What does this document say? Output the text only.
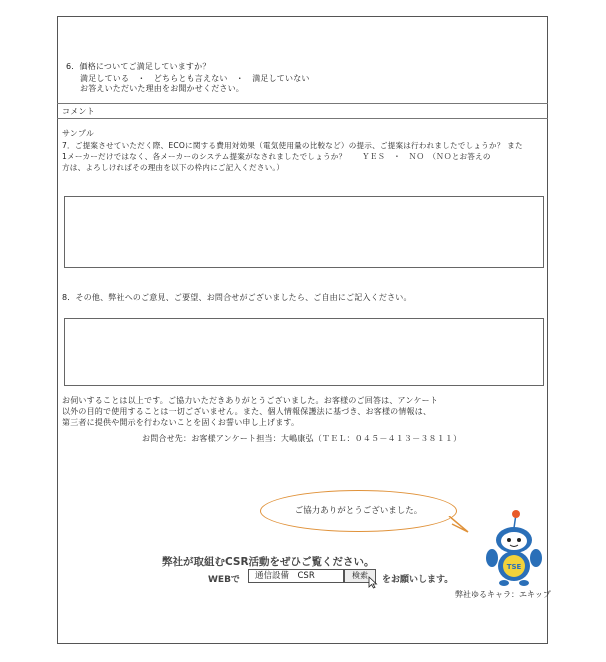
6．価格についてご満足していますか？
満足している　・　どちらとも言えない　・　満足していない
お答えいただいた理由をお聞かせください。
コメント
サンプル
7．ご提案させていただく際、ECOに関する費用対効果（電気使用量の比較など）の提示、ご提案は行われましたでしょうか？ また
1メーカーだけではなく、各メーカーのシステム提案がなされましたでしょうか？　　ＹＥＳ　・　ＮＯ　（ＮＯとお答えの
方は、よろしければその理由を以下の枠内にご記入ください。）
8．その他、弊社へのご意見、ご要望、お問合せがございましたら、ご自由にご記入ください。
お伺いすることは以上です。ご協力いただきありがとうございました。お客様のご回答は、アンケート
以外の目的で使用することは一切ございません。また、個人情報保護法に基づき、お客様の情報は、
第三者に提供や開示を行わないことを固くお誓い申し上げます。
お問合せ先：お客様アンケート担当：大嶋康弘（ＴＥＬ：０４５－４１３－３８１１）
ご協力ありがとうございました。
弊社が取組むCSR活動をぜひご覧ください。
WEBで	通信設備　CSR	検索	をお願いします。
TSE
弊社ゆるキャラ：エキップ
